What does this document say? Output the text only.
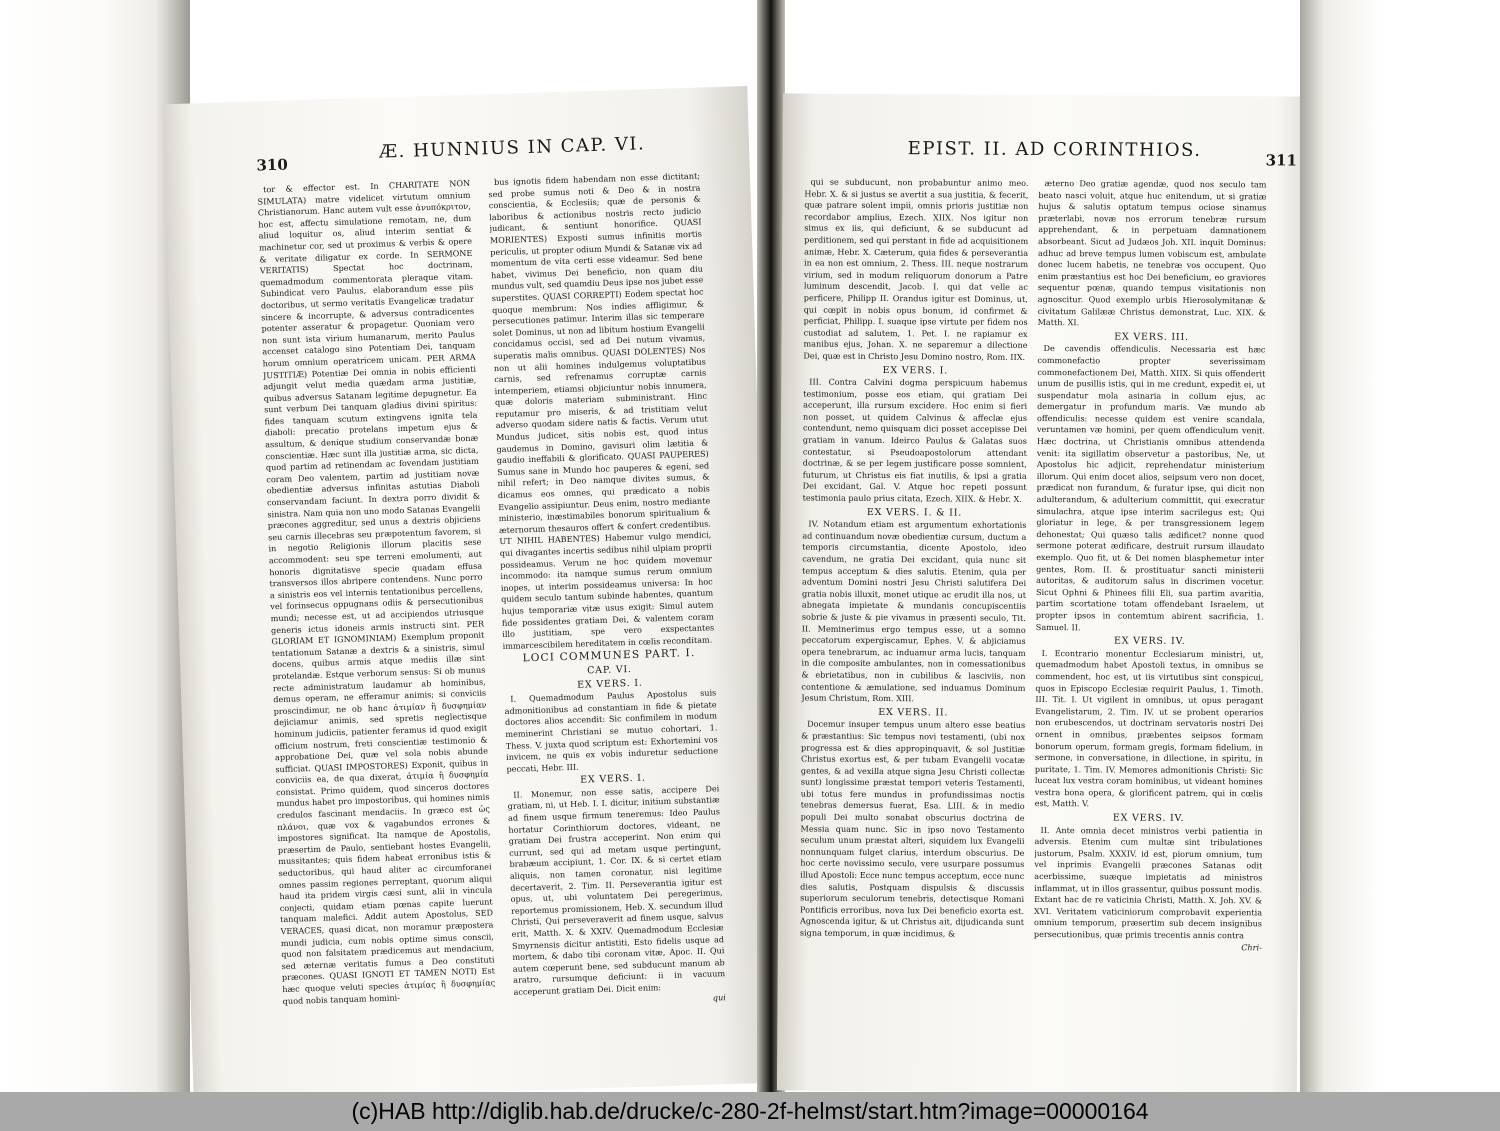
310
Æ. HUNNIUS IN CAP. VI.

tor & effector est. In CHARITATE NON SIMULATA) matre videlicet virtutum omnium Christianorum. Hanc autem vult esse ἀνυπόκριτον, hoc est, affectu simulatione remotam, ne, dum aliud loquitur os, aliud interim sentiat & machinetur cor, sed ut proximus & verbis & opere & veritate diligatur ex corde. In SERMONE VERITATIS) Spectat hoc doctrinam, quemadmodum commentorata pleraque vitam. Subindicat vero Paulus, elaborandum esse piis doctoribus, ut sermo veritatis Evangelicæ tradatur sincere & incorrupte, & adversus contradicentes potenter asseratur & propagetur. Quoniam vero non sunt ista virium humanarum, merito Paulus accenset catalogo sino Potentiam Dei, tanquam horum omnium operatricem unicam. PER ARMA JUSTITIÆ) Potentiæ Dei omnia in nobis efficienti adjungit velut media quædam arma justitiæ, quibus adversus Satanam legitime depugnetur. Ea sunt verbum Dei tanquam gladius divini spiritus: fides tanquam scutum extingvens ignita tela diaboli: precatio protelans impetum ejus & assultum, & denique studium conservandæ bonæ conscientiæ. Hæc sunt illa justitiæ arma, sic dicta, quod partim ad retinendam ac fovendam justitiam coram Deo valentem, partim ad justitiam novæ obedientiæ adversus infinitas astutias Diaboli conservandam faciunt. In dextra porro dividit & sinistra. Nam quia non uno modo Satanas Evangelii præcones aggreditur, sed unus a dextris objiciens seu carnis illecebras seu præpotentum favorem, si in negotio Religionis illorum placitis sese accommodent: seu spe terreni emolumenti, aut honoris dignitatisve specie quadam effusa transversos illos abripere contendens. Nunc porro a sinistris eos vel internis tentationibus percellens, vel forinsecus oppugnans odiis & persecutionibus mundi; necesse est, ut ad accipiendos utriusque generis ictus idoneis armis instructi sint. PER GLORIAM ET IGNOMINIAM) Exemplum proponit tentationum Satanæ a dextris & a sinistris, simul docens, quibus armis atque mediis illæ sint protelandæ. Estque verborum sensus: Si ob munus recte administratum laudamur ab hominibus, demus operam, ne efferamur animis; si conviciis proscindimur, ne ob hanc ἀτιμίαν ἢ δυσφημίαν dejiciamur animis, sed spretis neglectisque hominum judiciis, patienter feramus id quod exigit officium nostrum, freti conscientiæ testimonio & approbatione Dei, quæ vel sola nobis abunde sufficiat. QUASI IMPOSTORES) Exponit, quibus in conviciis ea, de qua dixerat, ἀτιμία ἢ δυσφημία consistat. Primo quidem, quod sinceros doctores mundus habet pro impostoribus, qui homines nimis credulos fascinant mendaciis. In græco est ὡς πλάνοι, quæ vox & vagabundos errones & impostores significat. Ita namque de Apostolis, præsertim de Paulo, sentiebant hostes Evangelii, mussitantes; quis fidem habeat erronibus istis & seductoribus, qui haud aliter ac circumforanei omnes passim regiones perreptant, quorum aliqui haud ita pridem virgis cæsi sunt, alii in vincula conjecti, quidam etiam pœnas capite luerunt tanquam malefici. Addit autem Apostolus, SED VERACES, quasi dicat, non moramur præpostera mundi judicia, cum nobis optime simus conscii, quod non falsitatem prædicemus aut mendacium, sed æternæ veritatis fumus a Deo constituti præcones. QUASI IGNOTI ET TAMEN NOTI) Est hæc quoque veluti species ἀτιμίας ἢ δυσφημίας quod nobis tanquam homini-

bus ignotis fidem habendam non esse dictitant; sed probe sumus noti & Deo & in nostra conscientia, & Ecclesiis; quæ de personis & laboribus & actionibus nostris recto judicio judicant, & sentiunt honorifice. QUASI MORIENTES) Exposti sumus infinitis mortis periculis, ut propter odium Mundi & Satanæ vix ad momentum de vita certi esse videamur. Sed bene habet, vivimus Dei beneficio, non quam diu mundus vult, sed quamdiu Deus ipse nos jubet esse superstites. QUASI CORREPTI) Eodem spectat hoc quoque membrum: Nos indies affligimur, & persecutiones patimur. Interim illas sic temperare solet Dominus, ut non ad libitum hostium Evangelii concidamus occisi, sed ad Dei nutum vivamus, superatis malis omnibus. QUASI DOLENTES) Nos non ut alii homines indulgemus voluptatibus carnis, sed refrenamus corruptæ carnis intemperiem, etiamsi objiciuntur nobis innumera, quæ doloris materiam subministrant. Hinc reputamur pro miseris, & ad tristitiam velut adverso quodam sidere natis & factis. Verum utut Mundus judicet, sitis nobis est, quod intus gaudemus in Domino, gavisuri olim lætitia & gaudio ineffabili & glorificato. QUASI PAUPERES) Sumus sane in Mundo hoc pauperes & egeni, sed nihil refert; in Deo namque divites sumus, & dicamus eos omnes, qui prædicato a nobis Evangelio assipiuntur. Deus enim, nostro mediante ministerio, inæstimabiles bonorum spiritualium & æternorum thesauros offert & confert credentibus. UT NIHIL HABENTES) Habemur vulgo mendici, qui divagantes incertis sedibus nihil ulpiam proprii possideamus. Verum ne hoc quidem movemur incommodo: ita namque sumus rerum omnium inopes, ut interim possideamus universa: In hoc quidem seculo tantum subinde habentes, quantum hujus temporariæ vitæ usus exigit: Simul autem fide possidentes gratiam Dei, & valentem coram illo justitiam, spe vero exspectantes immarcescibilem hereditatem in cœlis reconditam.

LOCI COMMUNES PART. I.
CAP. VI.
EX VERS. I.

I. Quemadmodum Paulus Apostolus suis admonitionibus ad constantiam in fide & pietate doctores alios accendit: Sic confimilem in modum meminerint Christiani se mutuo cohortari, 1. Thess. V. juxta quod scriptum est: Exhortemini vos invicem, ne quis ex vobis induretur seductione peccati, Hebr. III.

EX VERS. I.

II. Monemur, non esse satis, accipere Dei gratiam, ni, ut Heb. I. I. dicitur, initium substantiæ ad finem usque firmum teneremus: Ideo Paulus hortatur Corinthiorum doctores, videant, ne gratiam Dei frustra acceperint. Non enim qui currunt, sed qui ad metam usque pertingunt, brabæum accipiunt, 1. Cor. IX. & si certet etiam aliquis, non tamen coronatur, nisi legitime decertaverit, 2. Tim. II. Perseverantia igitur est opus, ut, ubi voluntatem Dei peregerimus, reportemus promissionem, Heb. X. secundum illud Christi, Qui perseveraverit ad finem usque, salvus erit, Matth. X. & XXIV. Quemadmodum Ecclesiæ Smyrnensis dicitur antistiti, Esto fidelis usque ad mortem, & dabo tibi coronam vitæ, Apoc. II. Qui autem cœperunt bene, sed subducunt manum ab aratro, rursumque deficiunt: ii in vacuum acceperunt gratiam Dei. Dicit enim:

qui
EPIST. II. AD CORINTHIOS.	311

qui se subducunt, non probabuntur animo meo. Hebr. X. & si justus se avertit a sua justitia, & fecerit, quæ patrare solent impii, omnis prioris justitiæ non recordabor amplius, Ezech. XIIX. Nos igitur non simus ex iis, qui deficiunt, & se subducunt ad perditionem, sed qui perstant in fide ad acquisitionem animæ, Hebr. X. Cæterum, quia fides & perseverantia in ea non est omnium, 2. Thess. III. neque nostrarum virium, sed in modum reliquorum donorum a Patre luminum descendit, Jacob. I. qui dat velle ac perficere, Philipp II. Orandus igitur est Dominus, ut, qui cœpit in nobis opus bonum, id confirmet & perficiat, Philipp. I. suaque ipse virtute per fidem nos custodiat ad salutem, 1. Pet. I. ne rapiamur ex manibus ejus, Johan. X. ne separemur a dilectione Dei, quæ est in Christo Jesu Domino nostro, Rom. IIX.

EX VERS. I.

III. Contra Calvini dogma perspicuum habemus testimonium, posse eos etiam, qui gratiam Dei acceperunt, illa rursum excidere. Hoc enim si fieri non posset, ut quidem Calvinus & affeclæ ejus contendunt, nemo quisquam dici posset accepisse Dei gratiam in vanum. Ideirco Paulus & Galatas suos contestatur, si Pseudoapostolorum attendant doctrinæ, & se per legem justificare posse somnient, futurum, ut Christus eis fiat inutilis, & ipsi a gratia Dei excidant, Gal. V. Atque hoc repeti possunt testimonia paulo prius citata, Ezech. XIIX. & Hebr. X.

EX VERS. I. & II.

IV. Notandum etiam est argumentum exhortationis ad continuandum novæ obedientiæ cursum, ductum a temporis circumstantia, dicente Apostolo, ideo cavendum, ne gratia Dei excidant, quia nunc sit tempus acceptum & dies salutis. Etenim, quia per adventum Domini nostri Jesu Christi salutifera Dei gratia nobis illuxit, monet utique ac erudit illa nos, ut abnegata impietate & mundanis concupiscentiis sobrie & juste & pie vivamus in præsenti seculo, Tit. II. Meminerimus ergo tempus esse, ut a somno peccatorum expergiscamur, Ephes. V. & abjiciamus opera tenebrarum, ac induamur arma lucis, tanquam in die composite ambulantes, non in comessationibus & ebrietatibus, non in cubilibus & lasciviis, non contentione & æmulatione, sed induamus Dominum Jesum Christum, Rom. XIII.

EX VERS. II.

Docemur insuper tempus unum altero esse beatius & præstantius: Sic tempus novi testamenti, (ubi nox progressa est & dies appropinquavit, & sol Justitiæ Christus exortus est, & per tubam Evangelii vocatæ gentes, & ad vexilla atque signa Jesu Christi collectæ sunt) longissime præstat tempori veteris Testamenti, ubi totus fere mundus in profundissimas noctis tenebras demersus fuerat, Esa. LIII. & in medio populi Dei multo sonabat obscurius doctrina de Messia quam nunc. Sic in ipso novo Testamento seculum unum præstat alteri, siquidem lux Evangelii nonnunquam fulget clarius, interdum obscurius. De hoc certe novissimo seculo, vere usurpare possumus illud Apostoli: Ecce nunc tempus acceptum, ecce nunc dies salutis, Postquam dispulsis & discussis superiorum seculorum tenebris, detectisque Romani Pontificis erroribus, nova lux Dei beneficio exorta est. Agnoscenda igitur, & ut Christus ait, dijudicanda sunt signa temporum, in quæ incidimus, &

æterno Deo gratiæ agendæ, quod nos seculo tam beato nasci voluit, atque huc enitendum, ut si gratiæ hujus & salutis optatum tempus ociose sinamus præterlabi, novæ nos errorum tenebræ rursum apprehendant, & in perpetuam damnationem absorbeant. Sicut ad Judæos Joh. XII. inquit Dominus: adhuc ad breve tempus lumen vobiscum est, ambulate donec lucem habetis, ne tenebræ vos occupent. Quo enim præstantius est hoc Dei beneficium, eo graviores sequentur pœnæ, quando tempus visitationis non agnoscitur. Quod exemplo urbis Hierosolymitanæ & civitatum Galilææ Christus demonstrat, Luc. XIX. & Matth. XI.

EX VERS. III.

De cavendis offendiculis. Necessaria est hæc commonefactio propter severissimam commonefactionem Dei, Matth. XIIX. Si quis offenderit unum de pusillis istis, qui in me credunt, expedit ei, ut suspendatur mola asinaria in collum ejus, ac demergatur in profundum maris. Væ mundo ab offendiculis: necesse quidem est venire scandala, veruntamen væ homini, per quem offendiculum venit. Hæc doctrina, ut Christianis omnibus attendenda venit: ita sigillatim observetur a pastoribus, Ne, ut Apostolus hic adjicit, reprehendatur ministerium illorum. Qui enim docet alios, seipsum vero non docet, prædicat non furandum, & furatur ipse, qui dicit non adulterandum, & adulterium committit, qui execratur simulachra, atque ipse interim sacrilegus est; Qui gloriatur in lege, & per transgressionem legem dehonestat; Qui quæso talis ædificet? nonne quod sermone poterat ædificare, destruit rursum illaudato exemplo. Quo fit, ut & Dei nomen blasphemetur inter gentes, Rom. II. & prostituatur sancti ministerii autoritas, & auditorum salus in discrimen vocetur. Sicut Ophni & Phinees filii Eli, sua partim avaritia, partim scortatione totam offendebant Israelem, ut propter ipsos in contemtum abirent sacrificia, 1. Samuel. II.

EX VERS. IV.

I. Econtrario monentur Ecclesiarum ministri, ut, quemadmodum habet Apostoli textus, in omnibus se commendent, hoc est, ut iis virtutibus sint conspicui, quos in Episcopo Ecclesiæ requirit Paulus, 1. Timoth. III. Tit. I. Ut vigilent in omnibus, ut opus peragant Evangelistarum, 2. Tim. IV. ut se probent operarios non erubescendos, ut doctrinam servatoris nostri Dei ornent in omnibus, præbentes seipsos formam bonorum operum, formam gregis, formam fidelium, in sermone, in conversatione, in dilectione, in spiritu, in puritate, 1. Tim. IV. Memores admonitionis Christi: Sic luceat lux vestra coram hominibus, ut videant homines vestra bona opera, & glorificent patrem, qui in cœlis est, Matth. V.

EX VERS. IV.

II. Ante omnia decet ministros verbi patientia in adversis. Etenim cum multæ sint tribulationes justorum, Psalm. XXXIV. id est, piorum omnium, tum vel inprimis Evangelii præcones Satanas odit acerbissime, suæque impietatis ad ministros inflammat, ut in illos grassentur, quibus possunt modis. Extant hac de re vaticinia Christi, Matth. X. Joh. XV. & XVI. Veritatem vaticiniorum comprobavit experientia omnium temporum, præsertim sub decem insignibus persecutionibus, quæ primis trecentis annis contra

Chri-
(c)HAB http://diglib.hab.de/drucke/c-280-2f-helmst/start.htm?image=00000164
